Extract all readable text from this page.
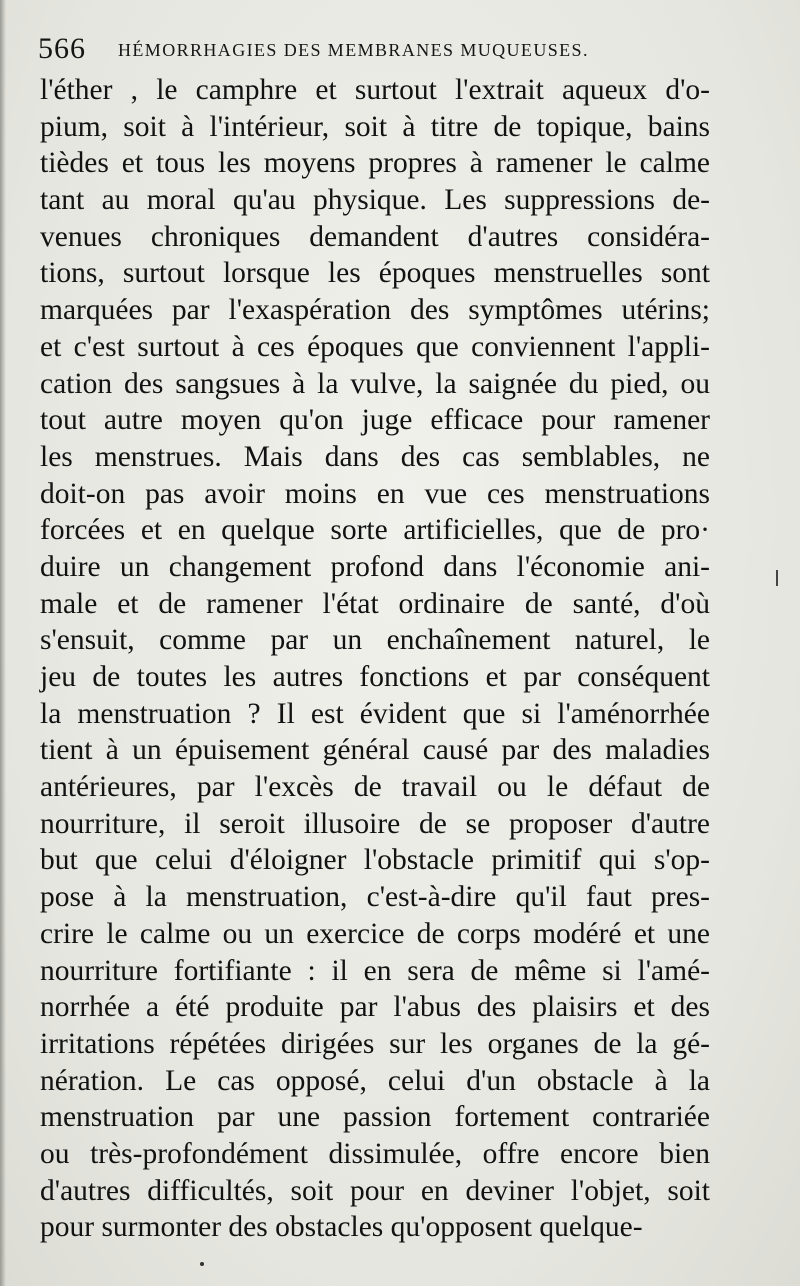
566 HÉMORRHAGIES DES MEMBRANES MUQUEUSES.
l'éther , le camphre et surtout l'extrait aqueux d'o-
pium, soit à l'intérieur, soit à titre de topique, bains
tièdes et tous les moyens propres à ramener le calme
tant au moral qu'au physique. Les suppressions de-
venues chroniques demandent d'autres considéra-
tions, surtout lorsque les époques menstruelles sont
marquées par l'exaspération des symptômes utérins;
et c'est surtout à ces époques que conviennent l'appli-
cation des sangsues à la vulve, la saignée du pied, ou
tout autre moyen qu'on juge efficace pour ramener
les menstrues. Mais dans des cas semblables, ne
doit-on pas avoir moins en vue ces menstruations
forcées et en quelque sorte artificielles, que de pro·
duire un changement profond dans l'économie ani-
male et de ramener l'état ordinaire de santé, d'où
s'ensuit, comme par un enchaînement naturel, le
jeu de toutes les autres fonctions et par conséquent
la menstruation ? Il est évident que si l'aménorrhée
tient à un épuisement général causé par des maladies
antérieures, par l'excès de travail ou le défaut de
nourriture, il seroit illusoire de se proposer d'autre
but que celui d'éloigner l'obstacle primitif qui s'op-
pose à la menstruation, c'est-à-dire qu'il faut pres-
crire le calme ou un exercice de corps modéré et une
nourriture fortifiante : il en sera de même si l'amé-
norrhée a été produite par l'abus des plaisirs et des
irritations répétées dirigées sur les organes de la gé-
nération. Le cas opposé, celui d'un obstacle à la
menstruation par une passion fortement contrariée
ou très-profondément dissimulée, offre encore bien
d'autres difficultés, soit pour en deviner l'objet, soit
pour surmonter des obstacles qu'opposent quelque-
